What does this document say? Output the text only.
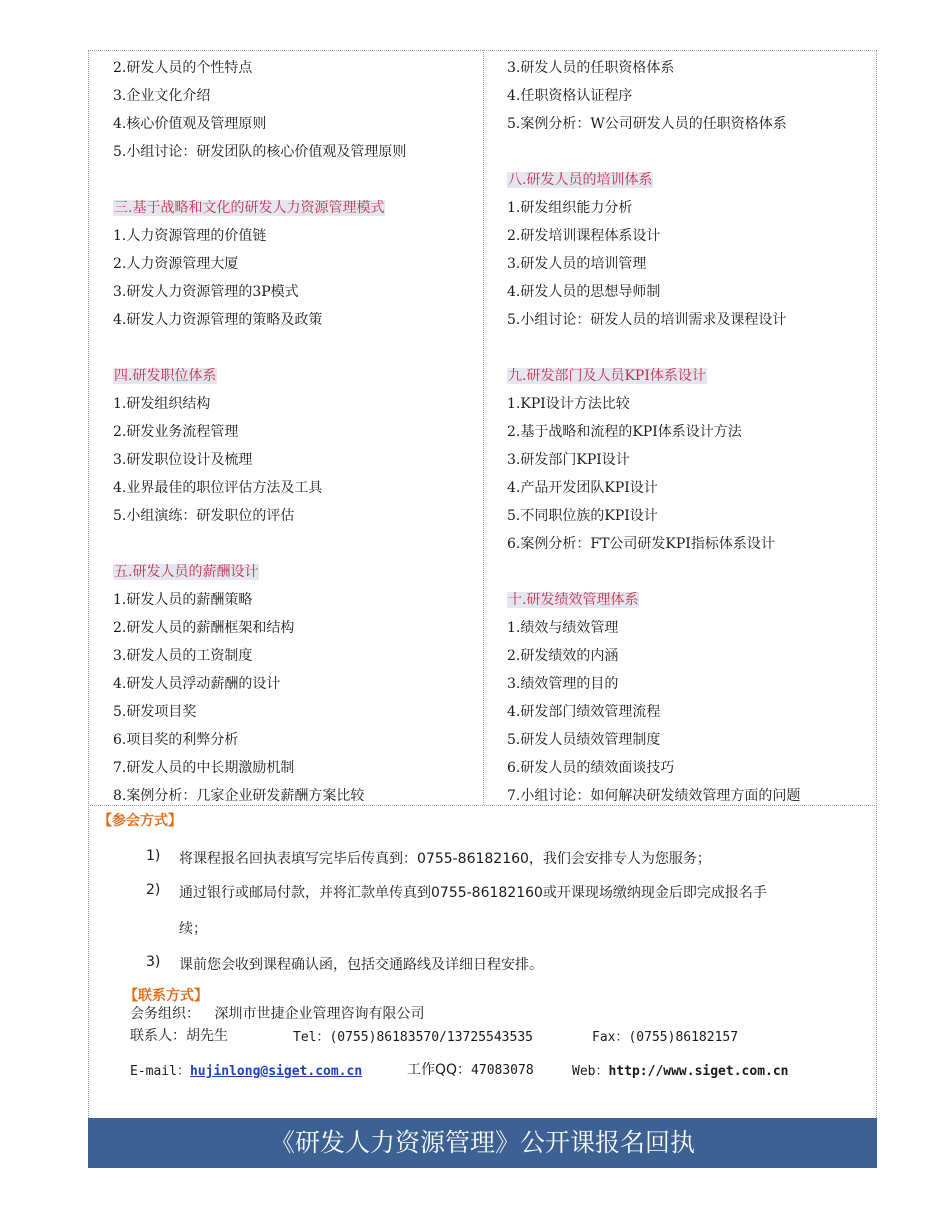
2.研发人员的个性特点
3.企业文化介绍
4.核心价值观及管理原则
5.小组讨论：研发团队的核心价值观及管理原则
三.基于战略和文化的研发人力资源管理模式
1.人力资源管理的价值链
2.人力资源管理大厦
3.研发人力资源管理的3P模式
4.研发人力资源管理的策略及政策
四.研发职位体系
1.研发组织结构
2.研发业务流程管理
3.研发职位设计及梳理
4.业界最佳的职位评估方法及工具
5.小组演练：研发职位的评估
五.研发人员的薪酬设计
1.研发人员的薪酬策略
2.研发人员的薪酬框架和结构
3.研发人员的工资制度
4.研发人员浮动薪酬的设计
5.研发项目奖
6.项目奖的利弊分析
7.研发人员的中长期激励机制
8.案例分析：几家企业研发薪酬方案比较
3.研发人员的任职资格体系
4.任职资格认证程序
5.案例分析：W公司研发人员的任职资格体系
八.研发人员的培训体系
1.研发组织能力分析
2.研发培训课程体系设计
3.研发人员的培训管理
4.研发人员的思想导师制
5.小组讨论：研发人员的培训需求及课程设计
九.研发部门及人员KPI体系设计
1.KPI设计方法比较
2.基于战略和流程的KPI体系设计方法
3.研发部门KPI设计
4.产品开发团队KPI设计
5.不同职位族的KPI设计
6.案例分析：FT公司研发KPI指标体系设计
十.研发绩效管理体系
1.绩效与绩效管理
2.研发绩效的内涵
3.绩效管理的目的
4.研发部门绩效管理流程
5.研发人员绩效管理制度
6.研发人员的绩效面谈技巧
7.小组讨论：如何解决研发绩效管理方面的问题
【参会方式】
1) 将课程报名回执表填写完毕后传真到：0755-86182160，我们会安排专人为您服务；
2) 通过银行或邮局付款，并将汇款单传真到0755-86182160或开课现场缴纳现金后即完成报名手
续；
3) 课前您会收到课程确认函，包括交通路线及详细日程安排。
【联系方式】
会务组织： 深圳市世捷企业管理咨询有限公司
联系人：胡先生	Tel：(0755)86183570/13725543535	Fax：(0755)86182157
E-mail：hujinlong@siget.com.cn	工作QQ：47083078	Web：http://www.siget.com.cn
《研发人力资源管理》公开课报名回执
